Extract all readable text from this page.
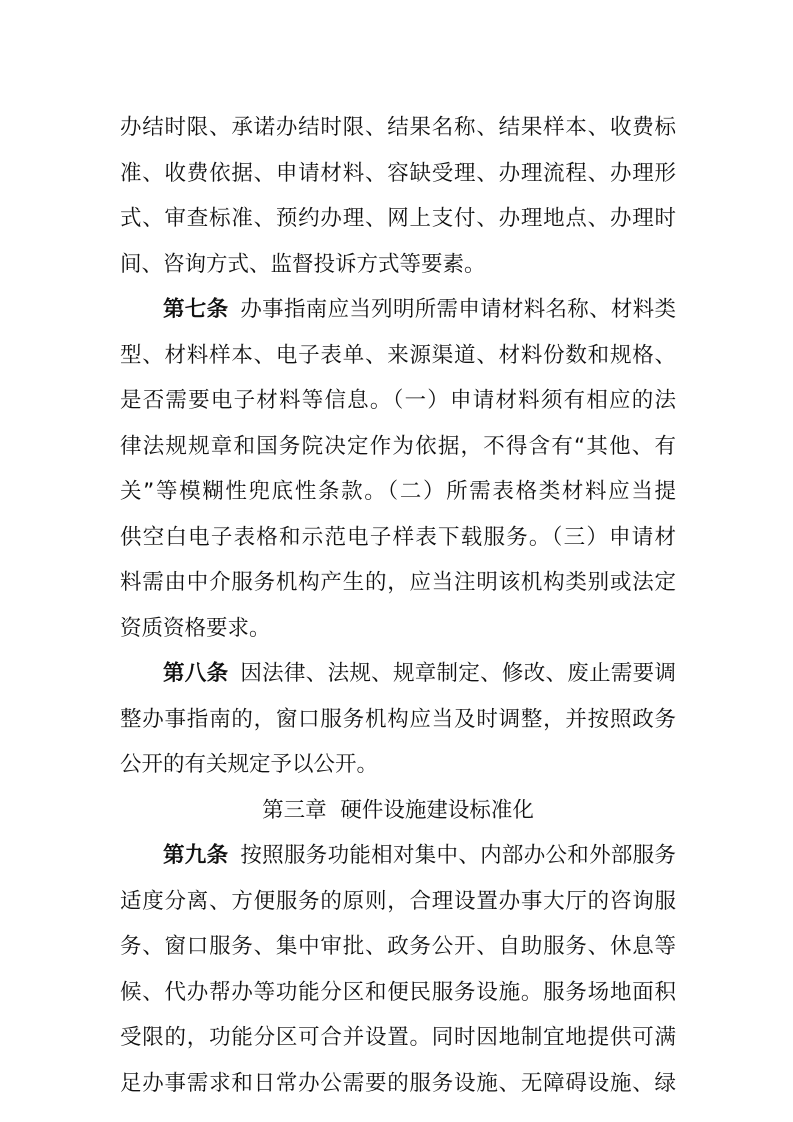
办结时限、承诺办结时限、结果名称、结果样本、收费标
准、收费依据、申请材料、容缺受理、办理流程、办理形
式、审查标准、预约办理、网上支付、办理地点、办理时
间、咨询方式、监督投诉方式等要素。
第七条 办事指南应当列明所需申请材料名称、材料类
型、材料样本、电子表单、来源渠道、材料份数和规格、
是否需要电子材料等信息。（一）申请材料须有相应的法
律法规规章和国务院决定作为依据，不得含有“其他、有
关”等模糊性兜底性条款。（二）所需表格类材料应当提
供空白电子表格和示范电子样表下载服务。（三）申请材
料需由中介服务机构产生的，应当注明该机构类别或法定
资质资格要求。
第八条 因法律、法规、规章制定、修改、废止需要调
整办事指南的，窗口服务机构应当及时调整，并按照政务
公开的有关规定予以公开。
第三章  硬件设施建设标准化
第九条 按照服务功能相对集中、内部办公和外部服务
适度分离、方便服务的原则，合理设置办事大厅的咨询服
务、窗口服务、集中审批、政务公开、自助服务、休息等
候、代办帮办等功能分区和便民服务设施。服务场地面积
受限的，功能分区可合并设置。同时因地制宜地提供可满
足办事需求和日常办公需要的服务设施、无障碍设施、绿
